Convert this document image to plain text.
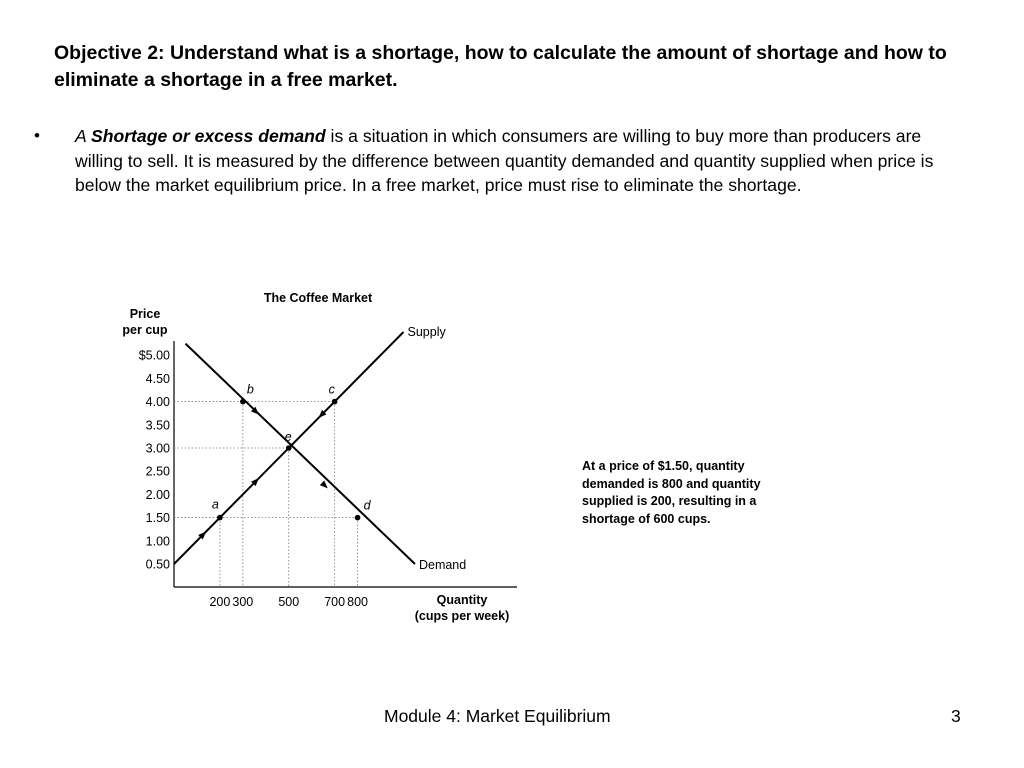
Objective 2: Understand what is a shortage, how to calculate the amount of shortage and how to eliminate a shortage in a free market.
• A Shortage or excess demand is a situation in which consumers are willing to buy more than producers are willing to sell. It is measured by the difference between quantity demanded and quantity supplied when price is below the market equilibrium price. In a free market, price must rise to eliminate the shortage.
The Coffee Market
Price
per cup
0.50
1.00
1.50
2.00
2.50
3.00
3.50
4.00
4.50
$5.00
200 300 500 700 800	Quantity
(cups per week)
Supply
Demand
a
b	c
d
e
At a price of $1.50, quantity demanded is 800 and quantity supplied is 200, resulting in a shortage of 600 cups.
Module 4: Market Equilibrium	3
